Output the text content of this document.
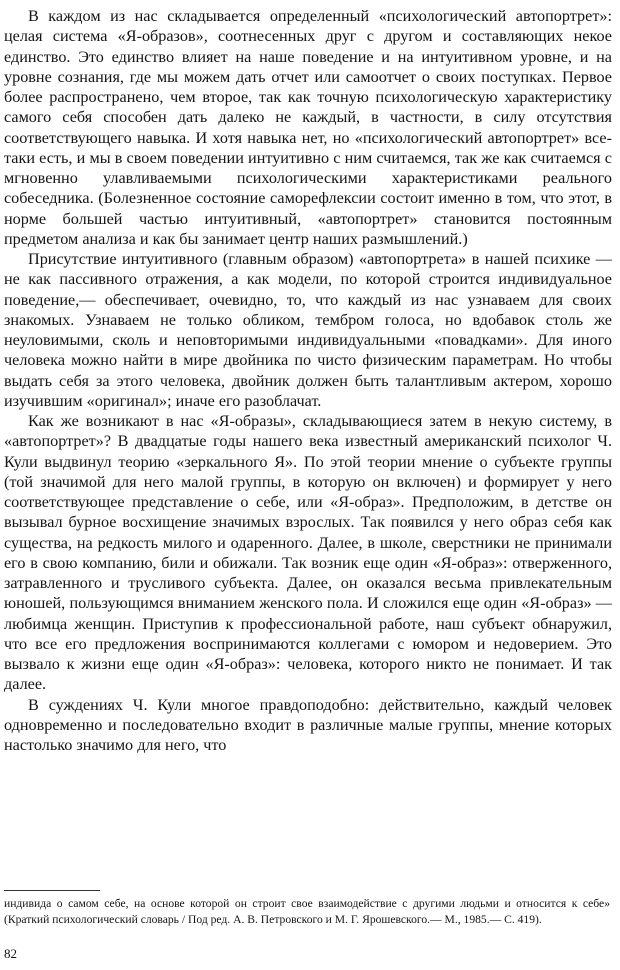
В каждом из нас складывается определенный «психологический автопортрет»: целая система «Я-образов», соотнесенных друг с другом и составляющих некое единство. Это единство влияет на наше поведение и на интуитивном уровне, и на уровне сознания, где мы можем дать отчет или самоотчет о своих поступках. Первое более распространено, чем второе, так как точную психологическую характеристику самого себя способен дать далеко не каждый, в частности, в силу отсутствия соответствующего навыка. И хотя навыка нет, но «психологический автопортрет» все-таки есть, и мы в своем поведении интуитивно с ним считаемся, так же как считаемся с мгновенно улавливаемыми психологическими характеристиками реального собеседника. (Болезненное состояние саморефлексии состоит именно в том, что этот, в норме большей частью интуитивный, «автопортрет» становится постоянным предметом анализа и как бы занимает центр наших размышлений.)

Присутствие интуитивного (главным образом) «автопортрета» в нашей психике — не как пассивного отражения, а как модели, по которой строится индивидуальное поведение,— обеспечивает, очевидно, то, что каждый из нас узнаваем для своих знакомых. Узнаваем не только обликом, тембром голоса, но вдобавок столь же неуловимыми, сколь и неповторимыми индивидуальными «повадками». Для иного человека можно найти в мире двойника по чисто физическим параметрам. Но чтобы выдать себя за этого человека, двойник должен быть талантливым актером, хорошо изучившим «оригинал»; иначе его разоблачат.

Как же возникают в нас «Я-образы», складывающиеся затем в некую систему, в «автопортрет»? В двадцатые годы нашего века известный американский психолог Ч. Кули выдвинул теорию «зеркального Я». По этой теории мнение о субъекте группы (той значимой для него малой группы, в которую он включен) и формирует у него соответствующее представление о себе, или «Я-образ». Предположим, в детстве он вызывал бурное восхищение значимых взрослых. Так появился у него образ себя как существа, на редкость милого и одаренного. Далее, в школе, сверстники не принимали его в свою компанию, били и обижали. Так возник еще один «Я-образ»: отверженного, затравленного и трусливого субъекта. Далее, он оказался весьма привлекательным юношей, пользующимся вниманием женского пола. И сложился еще один «Я-образ» — любимца женщин. Приступив к профессиональной работе, наш субъект обнаружил, что все его предложения воспринимаются коллегами с юмором и недоверием. Это вызвало к жизни еще один «Я-образ»: человека, которого никто не понимает. И так далее.

В суждениях Ч. Кули многое правдоподобно: действительно, каждый человек одновременно и последовательно входит в различные малые группы, мнение которых настолько значимо для него, что

индивида о самом себе, на основе которой он строит свое взаимодействие с другими людьми и относится к себе» (Краткий психологический словарь / Под ред. А. В. Петровского и М. Г. Ярошевского.— М., 1985.— С. 419).
82
